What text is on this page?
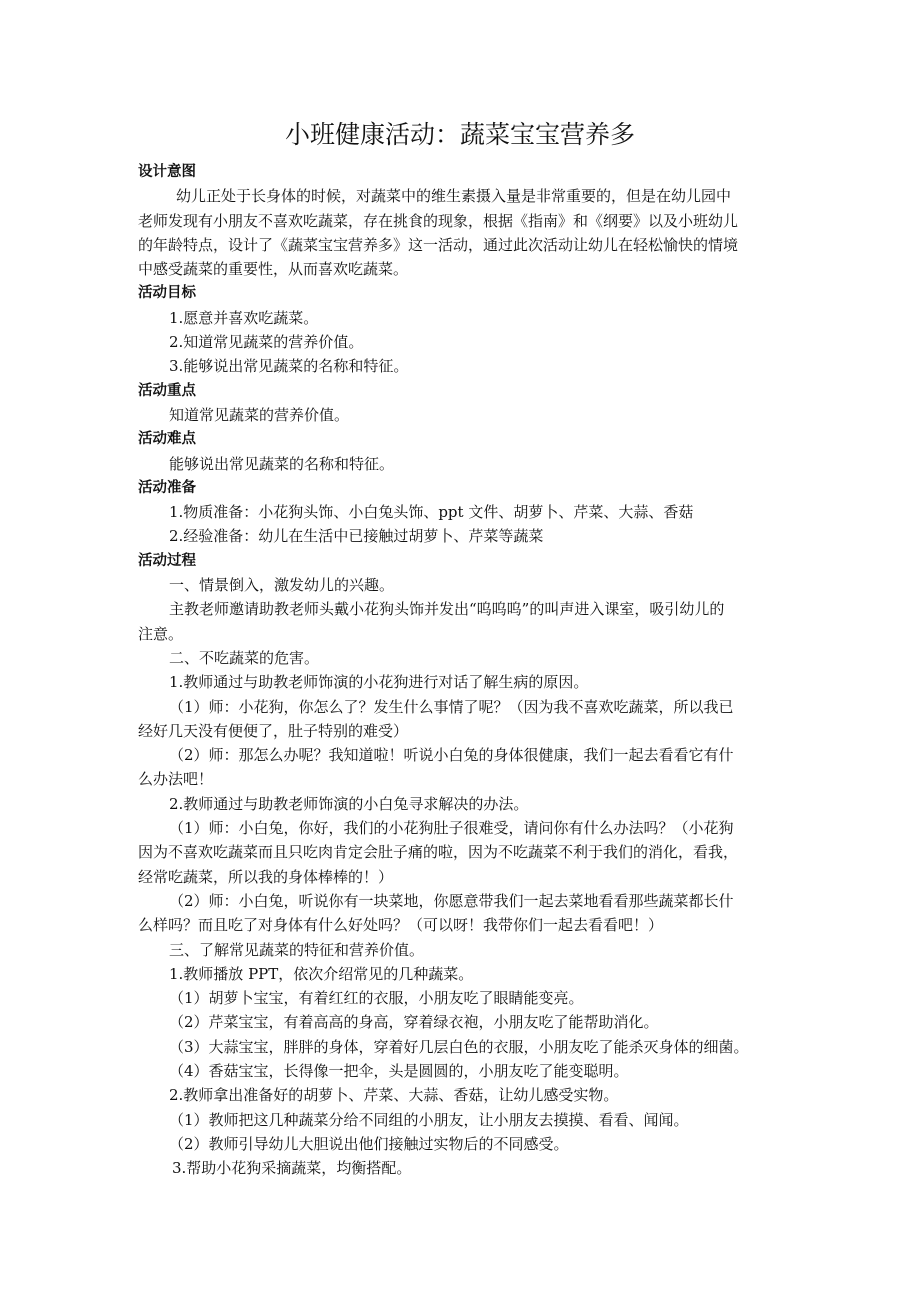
小班健康活动：蔬菜宝宝营养多
设计意图
幼儿正处于长身体的时候，对蔬菜中的维生素摄入量是非常重要的，但是在幼儿园中
老师发现有小朋友不喜欢吃蔬菜，存在挑食的现象，根据《指南》和《纲要》以及小班幼儿
的年龄特点，设计了《蔬菜宝宝营养多》这一活动，通过此次活动让幼儿在轻松愉快的情境
中感受蔬菜的重要性，从而喜欢吃蔬菜。
活动目标
1.愿意并喜欢吃蔬菜。
2.知道常见蔬菜的营养价值。
3.能够说出常见蔬菜的名称和特征。
活动重点
知道常见蔬菜的营养价值。
活动难点
能够说出常见蔬菜的名称和特征。
活动准备
1.物质准备：小花狗头饰、小白兔头饰、ppt 文件、胡萝卜、芹菜、大蒜、香菇
2.经验准备：幼儿在生活中已接触过胡萝卜、芹菜等蔬菜
活动过程
一、情景倒入，激发幼儿的兴趣。
主教老师邀请助教老师头戴小花狗头饰并发出“呜呜呜”的叫声进入课室，吸引幼儿的
注意。
二、不吃蔬菜的危害。
1.教师通过与助教老师饰演的小花狗进行对话了解生病的原因。
（1）师：小花狗，你怎么了？发生什么事情了呢？（因为我不喜欢吃蔬菜，所以我已
经好几天没有便便了，肚子特别的难受）
（2）师：那怎么办呢？我知道啦！听说小白兔的身体很健康，我们一起去看看它有什
么办法吧！
2.教师通过与助教老师饰演的小白兔寻求解决的办法。
（1）师：小白兔，你好，我们的小花狗肚子很难受，请问你有什么办法吗？（小花狗
因为不喜欢吃蔬菜而且只吃肉肯定会肚子痛的啦，因为不吃蔬菜不利于我们的消化，看我，
经常吃蔬菜，所以我的身体棒棒的！）
（2）师：小白兔，听说你有一块菜地，你愿意带我们一起去菜地看看那些蔬菜都长什
么样吗？而且吃了对身体有什么好处吗？（可以呀！我带你们一起去看看吧！）
三、了解常见蔬菜的特征和营养价值。
1.教师播放 PPT，依次介绍常见的几种蔬菜。
（1）胡萝卜宝宝，有着红红的衣服，小朋友吃了眼睛能变亮。
（2）芹菜宝宝，有着高高的身高，穿着绿衣袍，小朋友吃了能帮助消化。
（3）大蒜宝宝，胖胖的身体，穿着好几层白色的衣服，小朋友吃了能杀灭身体的细菌。
（4）香菇宝宝，长得像一把伞，头是圆圆的，小朋友吃了能变聪明。
2.教师拿出准备好的胡萝卜、芹菜、大蒜、香菇，让幼儿感受实物。
（1）教师把这几种蔬菜分给不同组的小朋友，让小朋友去摸摸、看看、闻闻。
（2）教师引导幼儿大胆说出他们接触过实物后的不同感受。
3.帮助小花狗采摘蔬菜，均衡搭配。
